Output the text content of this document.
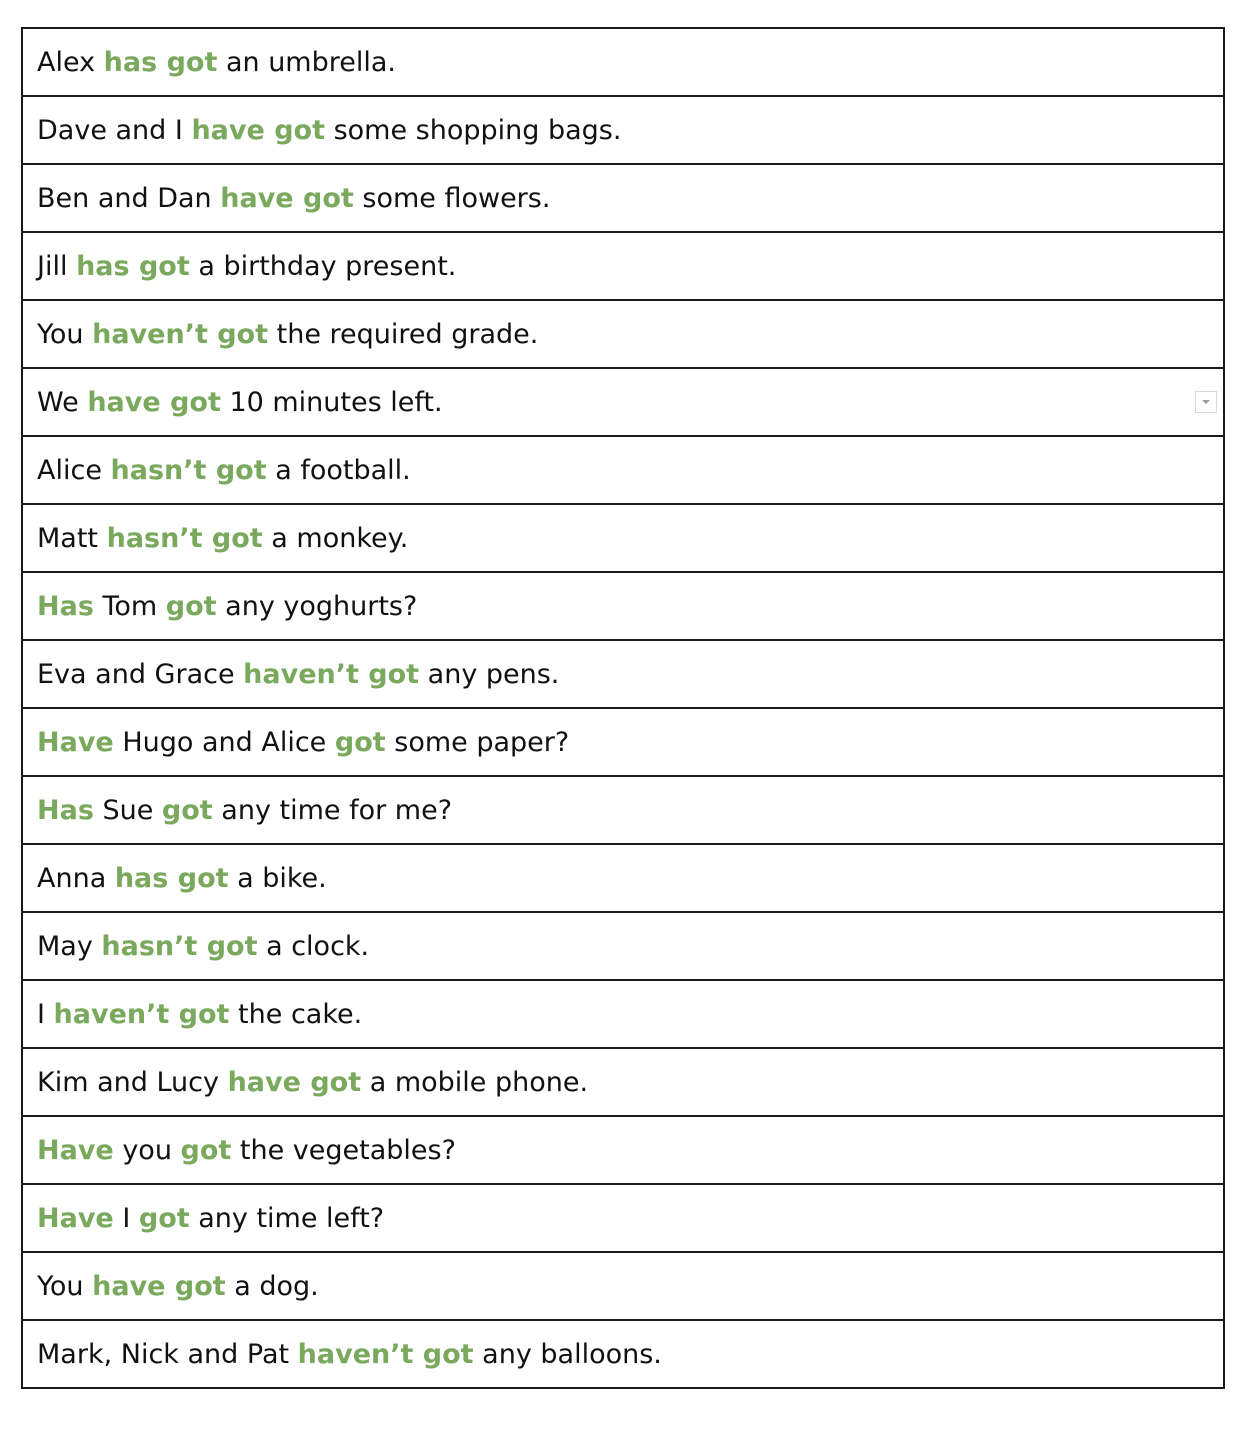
Alex has got an umbrella.
Dave and I have got some shopping bags.
Ben and Dan have got some flowers.
Jill has got a birthday present.
You haven’t got the required grade.
We have got 10 minutes left.

Alice hasn’t got a football.
Matt hasn’t got a monkey.
Has Tom got any yoghurts?
Eva and Grace haven’t got any pens.
Have Hugo and Alice got some paper?
Has Sue got any time for me?
Anna has got a bike.
May hasn’t got a clock.
I haven’t got the cake.
Kim and Lucy have got a mobile phone.
Have you got the vegetables?
Have I got any time left?
You have got a dog.
Mark, Nick and Pat haven’t got any balloons.
